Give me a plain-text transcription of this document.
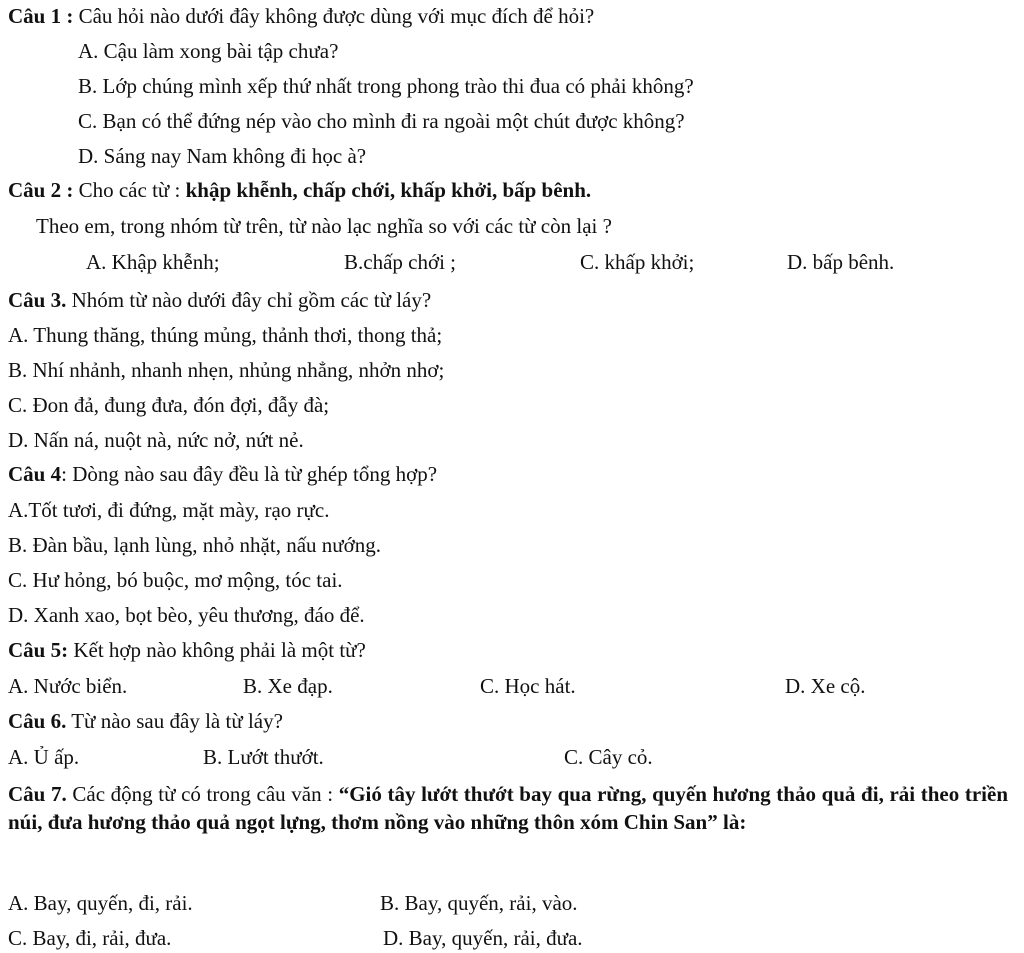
Câu 1 : Câu hỏi nào dưới đây không được dùng với mục đích để hỏi?
A. Cậu làm xong bài tập chưa?
B. Lớp chúng mình xếp thứ nhất trong phong trào thi đua có phải không?
C. Bạn có thể đứng nép vào cho mình đi ra ngoài một chút được không?
D. Sáng nay Nam không đi học à?
Câu 2 : Cho các từ : khập khễnh, chấp chới, khấp khởi, bấp bênh.
Theo em, trong nhóm từ trên, từ nào lạc nghĩa so với các từ còn lại ?
A. Khập khễnh;	B.chấp chới ;	C. khấp khởi;	D. bấp bênh.
Câu 3. Nhóm từ nào dưới đây chỉ gồm các từ láy?
A. Thung thăng, thúng mủng, thảnh thơi, thong thả;
B. Nhí nhảnh, nhanh nhẹn, nhủng nhẳng, nhởn nhơ;
C. Đon đả, đung đưa, đón đợi, đẫy đà;
D. Nấn ná, nuột nà, nức nở, nứt nẻ.
Câu 4: Dòng nào sau đây đều là từ ghép tổng hợp?
A.Tốt tươi, đi đứng, mặt mày, rạo rực.
B. Đàn bầu, lạnh lùng, nhỏ nhặt, nấu nướng.
C. Hư hỏng, bó buộc, mơ mộng, tóc tai.
D. Xanh xao, bọt bèo, yêu thương, đáo để.
Câu 5: Kết hợp nào không phải là một từ?
A. Nước biển.	B. Xe đạp.	C. Học hát.	D. Xe cộ.
Câu 6. Từ nào sau đây là từ láy?
A. Ủ ấp.	B. Lướt thướt.	C. Cây cỏ.
Câu 7. Các động từ có trong câu văn : “Gió tây lướt thướt bay qua rừng, quyến hương thảo quả đi, rải theo triền núi, đưa hương thảo quả ngọt lựng, thơm nồng vào những thôn xóm Chin San” là:
A. Bay, quyến, đi, rải.	B. Bay, quyến, rải, vào.
C. Bay, đi, rải, đưa.	D. Bay, quyến, rải, đưa.
